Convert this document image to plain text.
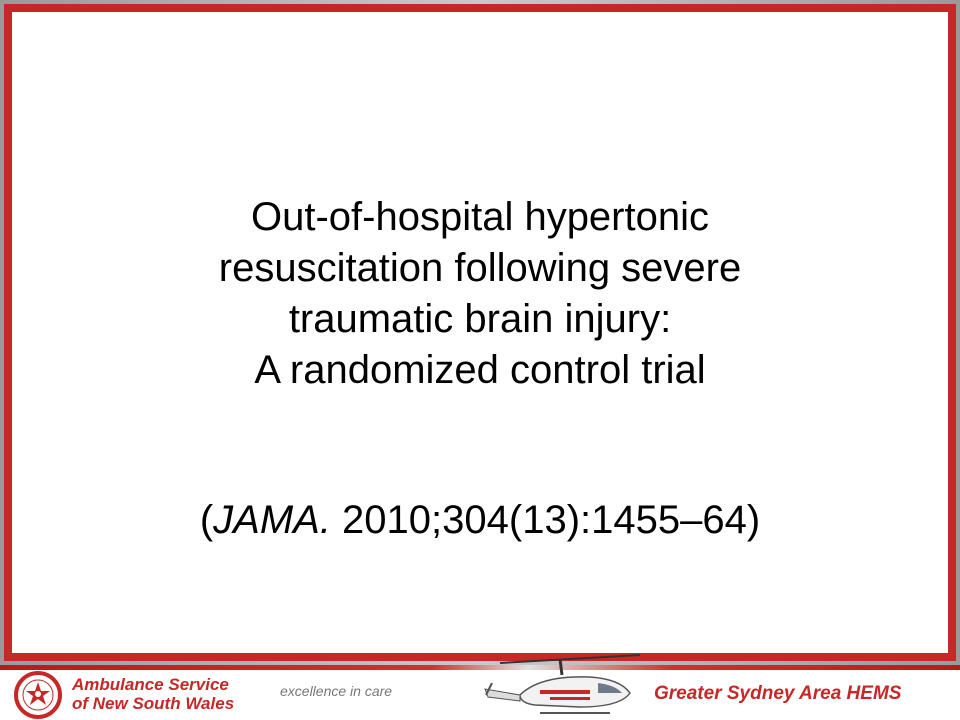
Out-of-hospital hypertonic
resuscitation following severe
traumatic brain injury:
A randomized control trial
(JAMA. 2010;304(13):1455–64)
Ambulance Service
of New South Wales
excellence in care	Greater Sydney Area HEMS
